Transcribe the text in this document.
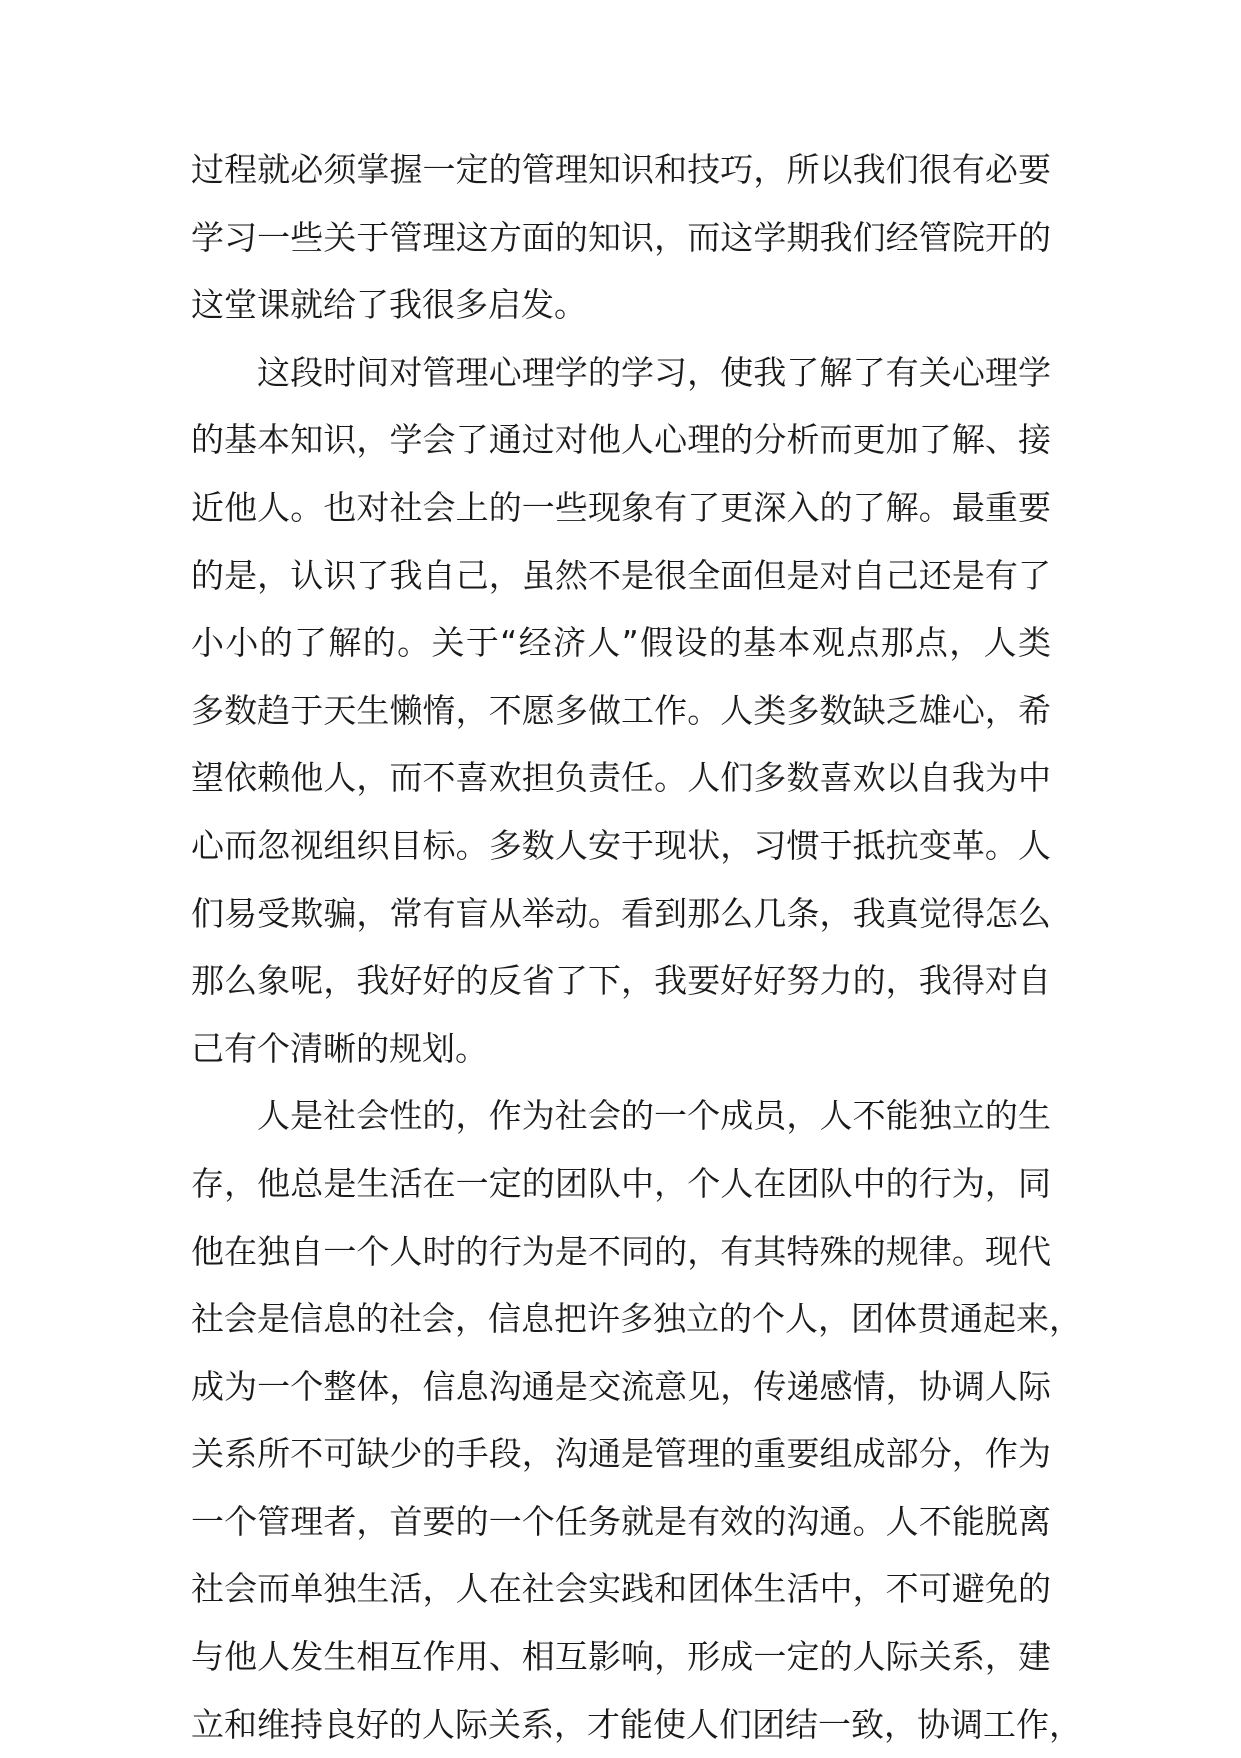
过程就必须掌握一定的管理知识和技巧，所以我们很有必要
学习一些关于管理这方面的知识，而这学期我们经管院开的
这堂课就给了我很多启发。
这段时间对管理心理学的学习，使我了解了有关心理学
的基本知识，学会了通过对他人心理的分析而更加了解、接
近他人。也对社会上的一些现象有了更深入的了解。最重要
的是，认识了我自己，虽然不是很全面但是对自己还是有了
小小的了解的。关于“经济人”假设的基本观点那点，人类
多数趋于天生懒惰，不愿多做工作。人类多数缺乏雄心，希
望依赖他人，而不喜欢担负责任。人们多数喜欢以自我为中
心而忽视组织目标。多数人安于现状，习惯于抵抗变革。人
们易受欺骗，常有盲从举动。看到那么几条，我真觉得怎么
那么象呢，我好好的反省了下，我要好好努力的，我得对自
己有个清晰的规划。
人是社会性的，作为社会的一个成员，人不能独立的生
存，他总是生活在一定的团队中，个人在团队中的行为，同
他在独自一个人时的行为是不同的，有其特殊的规律。现代
社会是信息的社会，信息把许多独立的个人，团体贯通起来，
成为一个整体，信息沟通是交流意见，传递感情，协调人际
关系所不可缺少的手段，沟通是管理的重要组成部分，作为
一个管理者，首要的一个任务就是有效的沟通。人不能脱离
社会而单独生活，人在社会实践和团体生活中，不可避免的
与他人发生相互作用、相互影响，形成一定的人际关系，建
立和维持良好的人际关系，才能使人们团结一致，协调工作，
